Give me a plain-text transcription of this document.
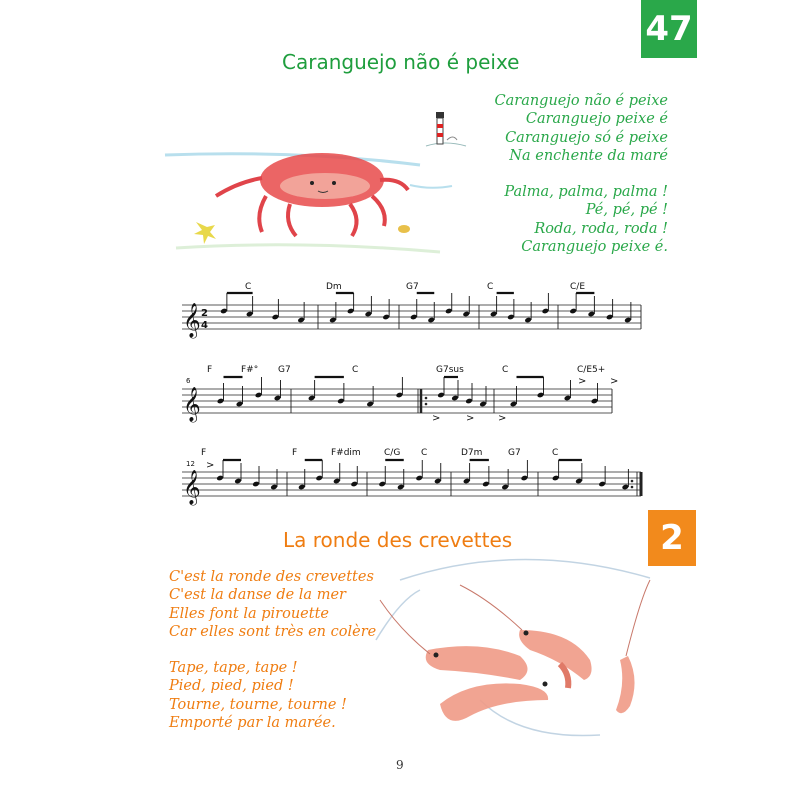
47
Caranguejo não é peixe

Caranguejo não é peixe

Caranguejo peixe é

Caranguejo só é peixe

Na enchente da maré

Palma, palma, palma !

Pé, pé, pé !

Roda, roda, roda !

Caranguejo peixe é.

2
La ronde des crevettes

C'est la ronde des crevettes

C'est la danse de la mer

Elles font la pirouette

Car elles sont très en colère

Tape, tape, tape !

Pied, pied, pied !

Tourne, tourne, tourne !

Emporté par la marée.

9
𝄞
C	Dm	G7	C	C/E
𝄞
F	F#° G7	C	G7sus	C	C/E5+
𝄞
F	F	F#dim	C/G C	D7m	G7	C
2
4
6
12
> >
>	> >
>
